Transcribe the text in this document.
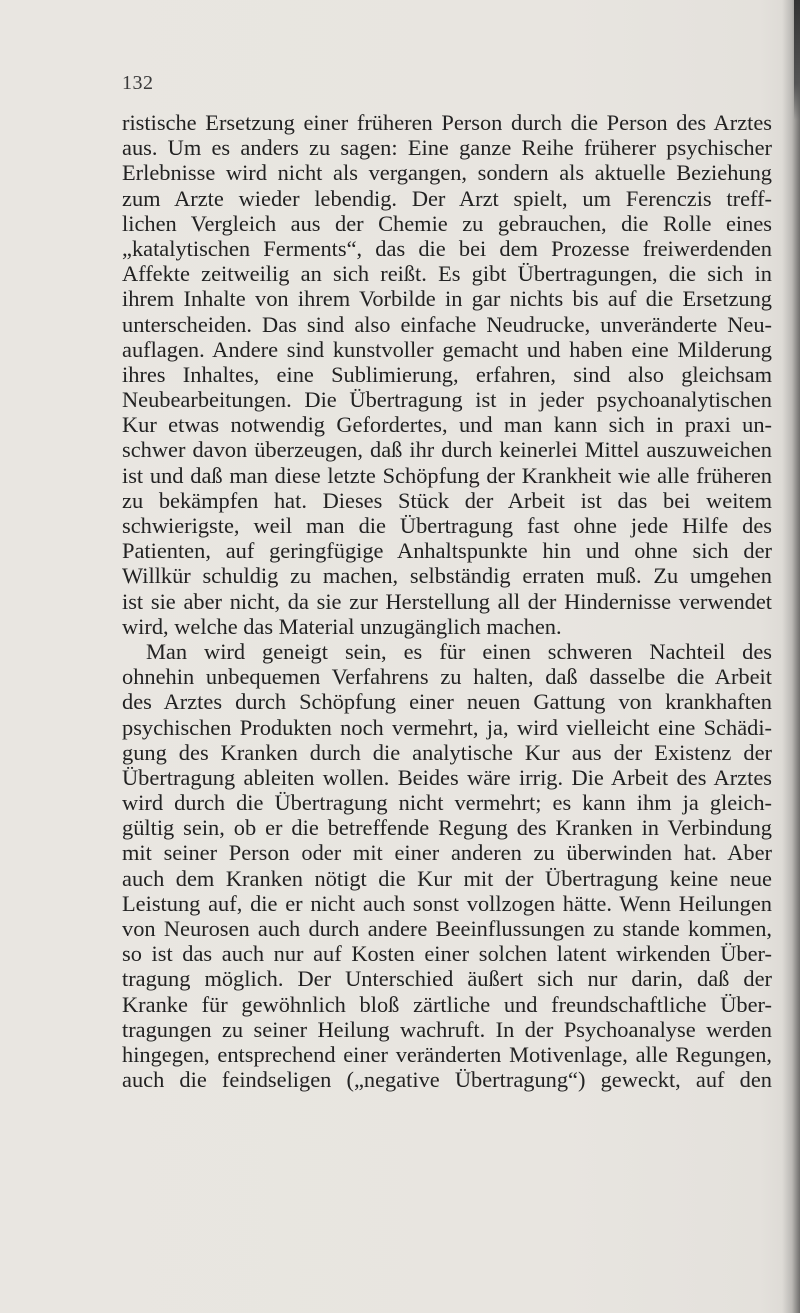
132
ristische Ersetzung einer früheren Person durch die Person des Arztes
aus. Um es anders zu sagen: Eine ganze Reihe früherer psychischer
Erlebnisse wird nicht als vergangen, sondern als aktuelle Beziehung
zum Arzte wieder lebendig. Der Arzt spielt, um Ferenczis treff-
lichen Vergleich aus der Chemie zu gebrauchen, die Rolle eines
„katalytischen Ferments“, das die bei dem Prozesse freiwerdenden
Affekte zeitweilig an sich reißt. Es gibt Übertragungen, die sich in
ihrem Inhalte von ihrem Vorbilde in gar nichts bis auf die Ersetzung
unterscheiden. Das sind also einfache Neudrucke, unveränderte Neu-
auflagen. Andere sind kunstvoller gemacht und haben eine Milderung
ihres Inhaltes, eine Sublimierung, erfahren, sind also gleichsam
Neubearbeitungen. Die Übertragung ist in jeder psychoanalytischen
Kur etwas notwendig Gefordertes, und man kann sich in praxi un-
schwer davon überzeugen, daß ihr durch keinerlei Mittel auszuweichen
ist und daß man diese letzte Schöpfung der Krankheit wie alle früheren
zu bekämpfen hat. Dieses Stück der Arbeit ist das bei weitem
schwierigste, weil man die Übertragung fast ohne jede Hilfe des
Patienten, auf geringfügige Anhaltspunkte hin und ohne sich der
Willkür schuldig zu machen, selbständig erraten muß. Zu umgehen
ist sie aber nicht, da sie zur Herstellung all der Hindernisse verwendet
wird, welche das Material unzugänglich machen.
Man wird geneigt sein, es für einen schweren Nachteil des
ohnehin unbequemen Verfahrens zu halten, daß dasselbe die Arbeit
des Arztes durch Schöpfung einer neuen Gattung von krankhaften
psychischen Produkten noch vermehrt, ja, wird vielleicht eine Schädi-
gung des Kranken durch die analytische Kur aus der Existenz der
Übertragung ableiten wollen. Beides wäre irrig. Die Arbeit des Arztes
wird durch die Übertragung nicht vermehrt; es kann ihm ja gleich-
gültig sein, ob er die betreffende Regung des Kranken in Verbindung
mit seiner Person oder mit einer anderen zu überwinden hat. Aber
auch dem Kranken nötigt die Kur mit der Übertragung keine neue
Leistung auf, die er nicht auch sonst vollzogen hätte. Wenn Heilungen
von Neurosen auch durch andere Beeinflussungen zu stande kommen,
so ist das auch nur auf Kosten einer solchen latent wirkenden Über-
tragung möglich. Der Unterschied äußert sich nur darin, daß der
Kranke für gewöhnlich bloß zärtliche und freundschaftliche Über-
tragungen zu seiner Heilung wachruft. In der Psychoanalyse werden
hingegen, entsprechend einer veränderten Motivenlage, alle Regungen,
auch die feindseligen („negative Übertragung“) geweckt, auf den
